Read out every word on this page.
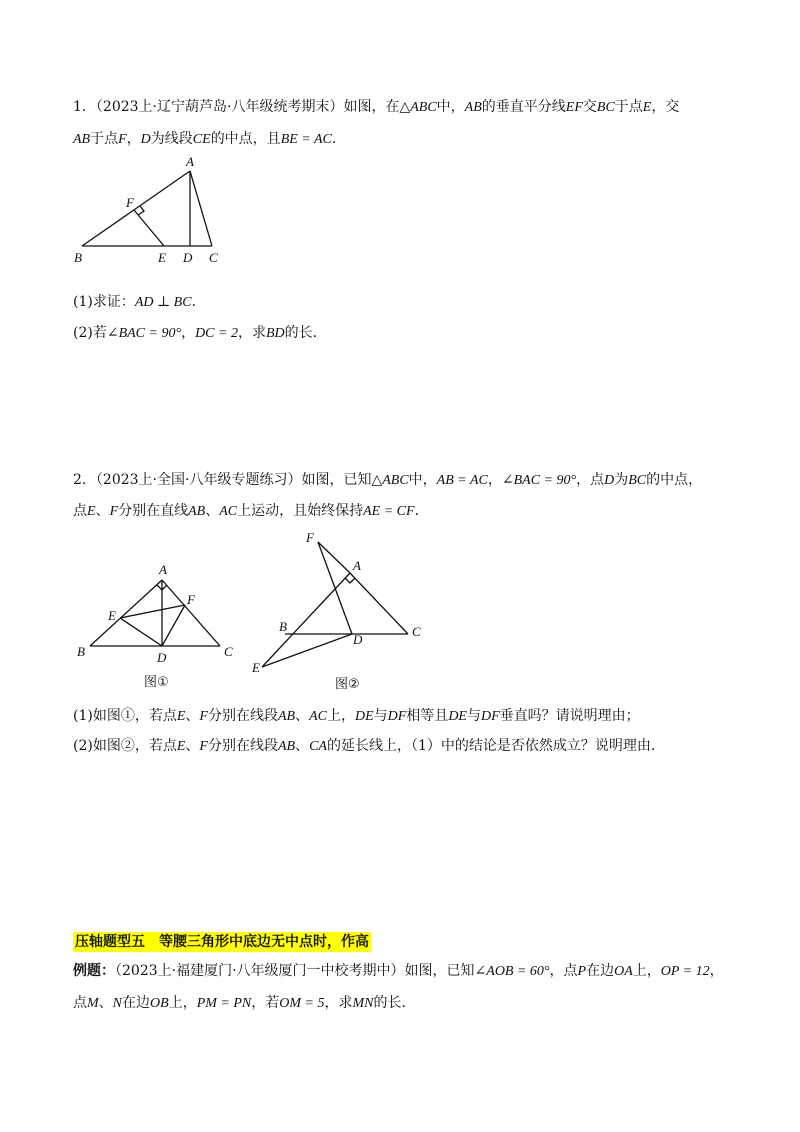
1．（2023上·辽宁葫芦岛·八年级统考期末）如图，在△ABC中，AB的垂直平分线EF交BC于点E，交
AB于点F，D为线段CE的中点，且BE = AC．
A
F
B	E D C
(1)求证：AD ⊥ BC．
(2)若∠BAC = 90°，DC = 2，求BD的长．
2．（2023上·全国·八年级专题练习）如图，已知△ABC中，AB = AC，∠BAC = 90°，点D为BC的中点，
点E、F分别在直线AB、AC上运动，且始终保持AE = CF．
A
E
F
B	D	C
图①
F
A
B
D
C
E
图②
(1)如图①，若点E、F分别在线段AB、AC上，DE与DF相等且DE与DF垂直吗？请说明理由；
(2)如图②，若点E、F分别在线段AB、CA的延长线上，（1）中的结论是否依然成立？说明理由．
压轴题型五　等腰三角形中底边无中点时，作高
例题：（2023上·福建厦门·八年级厦门一中校考期中）如图，已知∠AOB = 60°，点P在边OA上，OP = 12，
点M、N在边OB上，PM = PN，若OM = 5，求MN的长．
